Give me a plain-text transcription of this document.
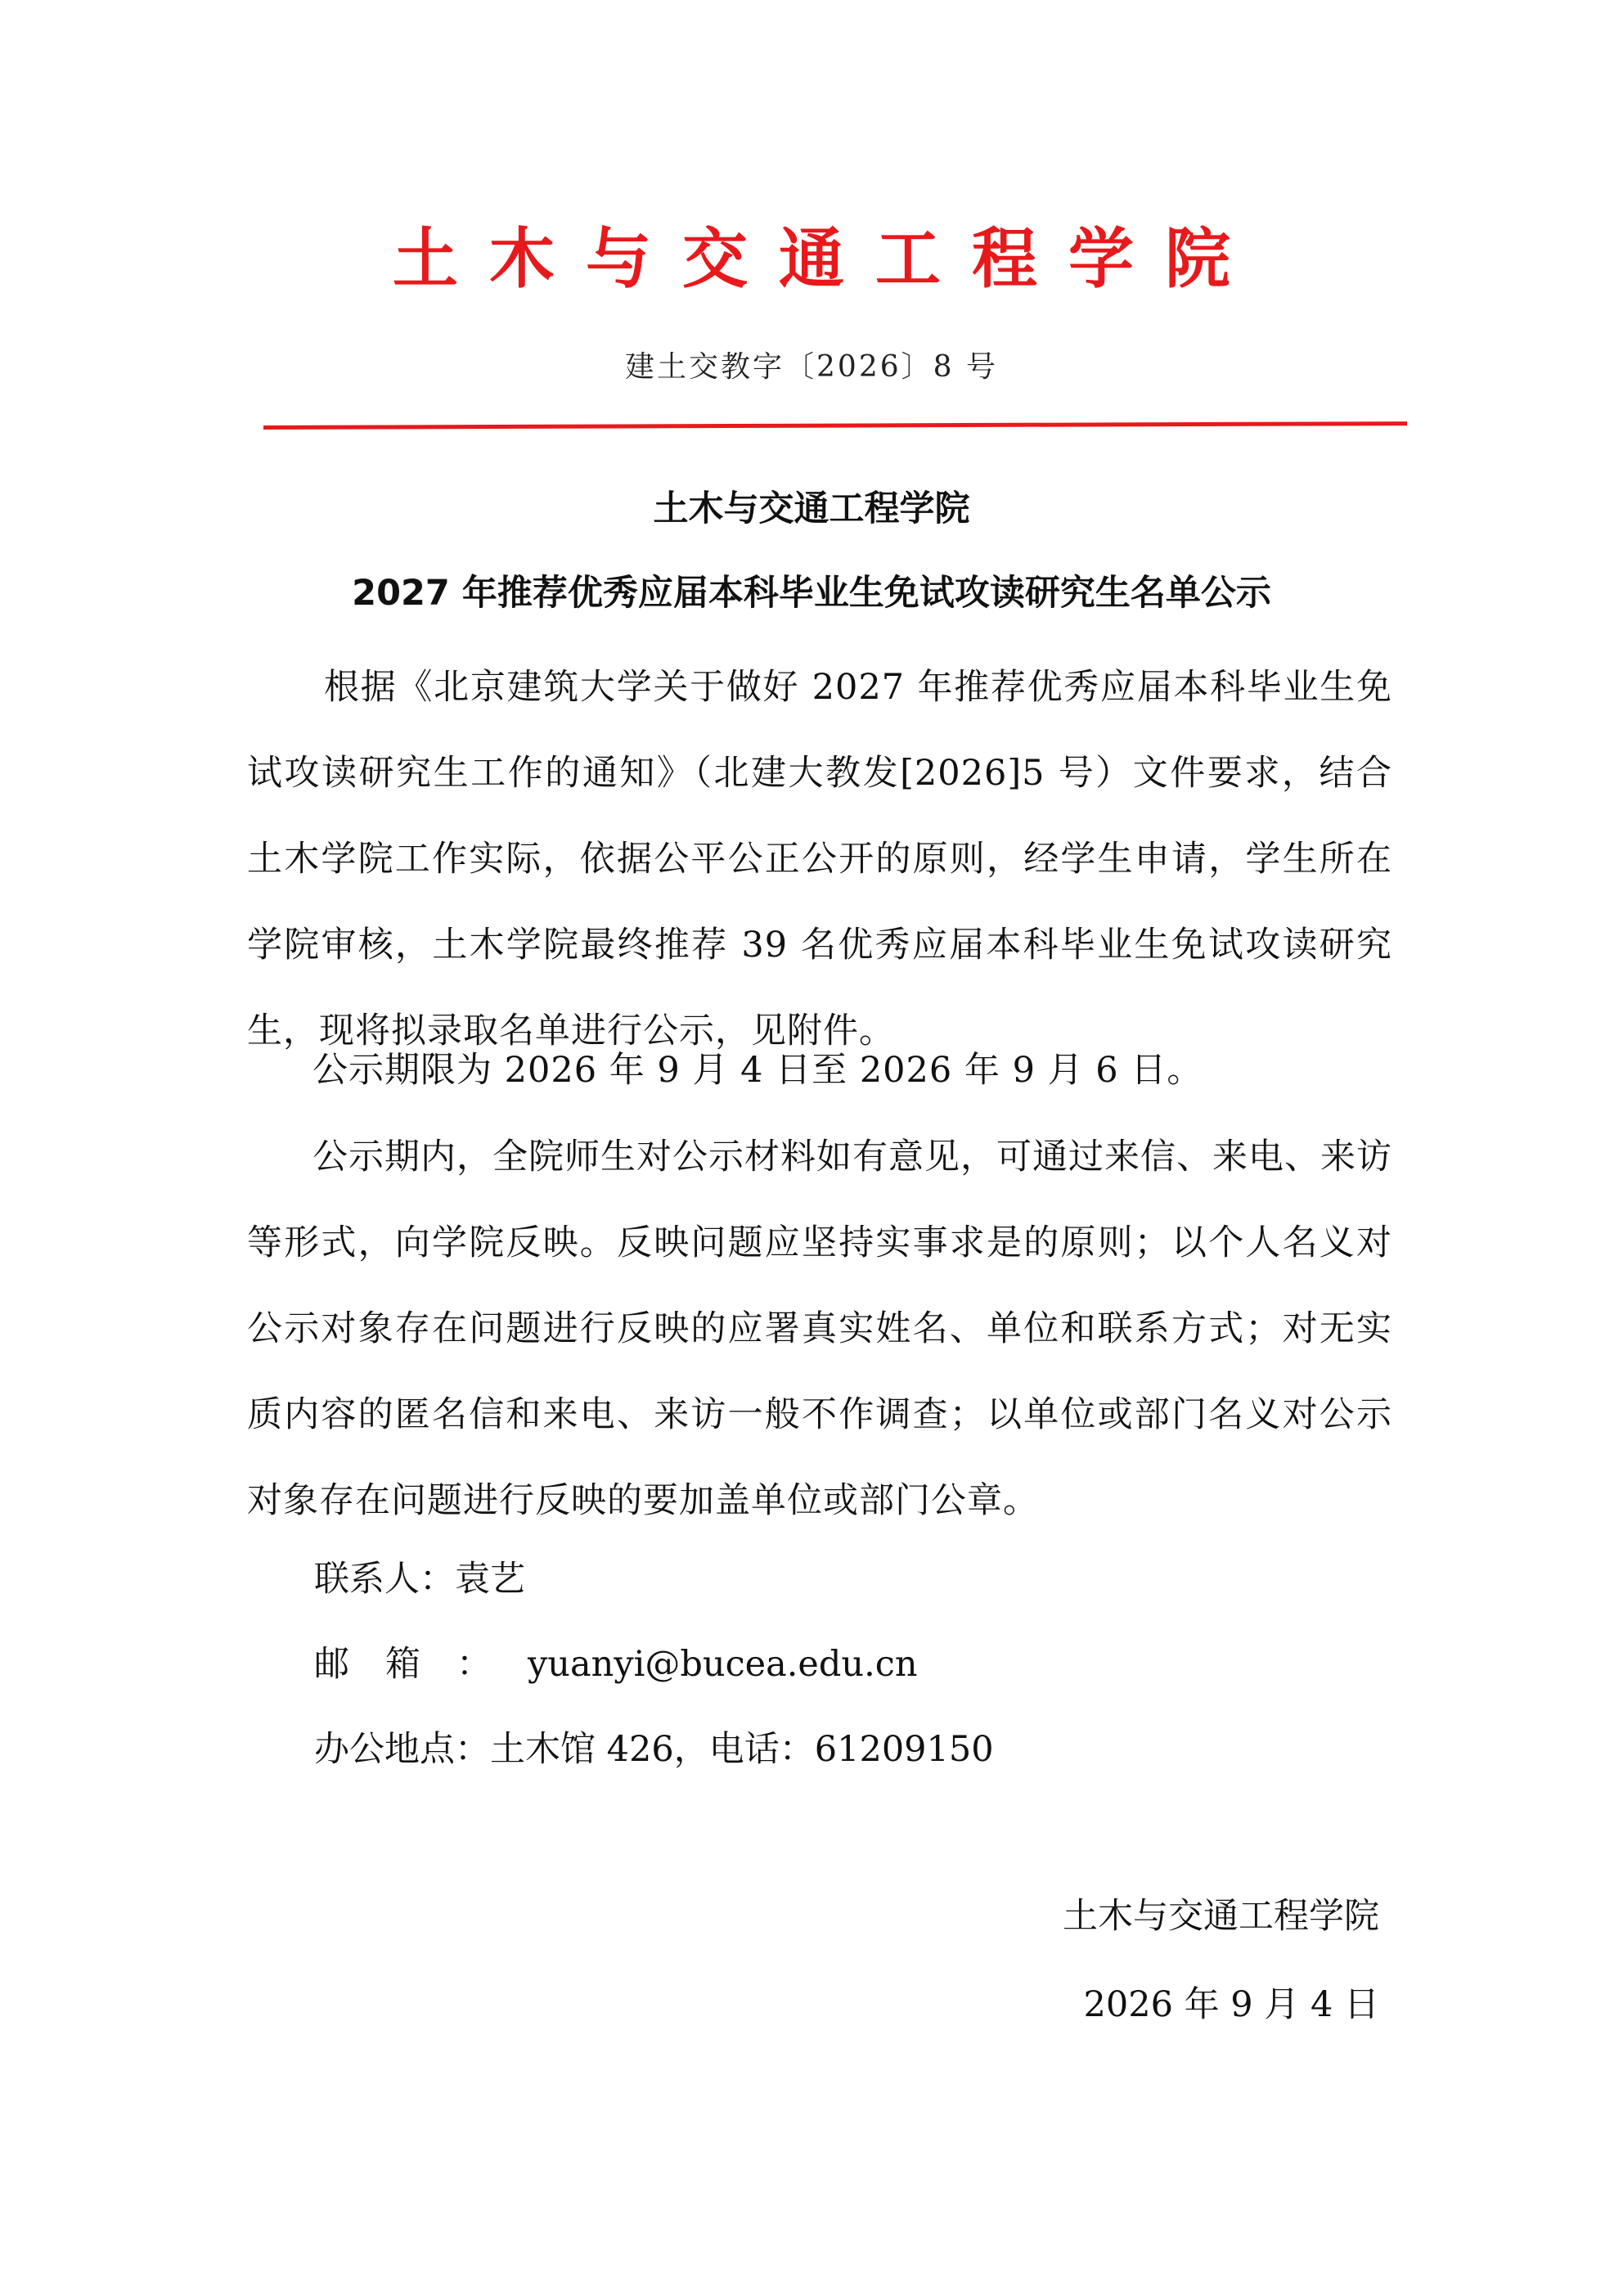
土木与交通工程学院
建土交教字〔2026〕8 号
土木与交通工程学院
2027 年推荐优秀应届本科毕业生免试攻读研究生名单公示
根据《北京建筑大学关于做好 2027 年推荐优秀应届本科毕业生免试攻读研究生工作的通知》（北建大教发[2026]5 号）文件要求，结合土木学院工作实际，依据公平公正公开的原则，经学生申请，学生所在学院审核，土木学院最终推荐 39 名优秀应届本科毕业生免试攻读研究生，现将拟录取名单进行公示，见附件。
公示期限为 2026 年 9 月 4 日至 2026 年 9 月 6 日。
公示期内，全院师生对公示材料如有意见，可通过来信、来电、来访等形式，向学院反映。反映问题应坚持实事求是的原则；以个人名义对公示对象存在问题进行反映的应署真实姓名、单位和联系方式；对无实质内容的匿名信和来电、来访一般不作调查；以单位或部门名义对公示对象存在问题进行反映的要加盖单位或部门公章。
联系人：袁艺
邮箱：yuanyi@bucea.edu.cn
办公地点：土木馆 426，电话：61209150
土木与交通工程学院
2026 年 9 月 4 日
